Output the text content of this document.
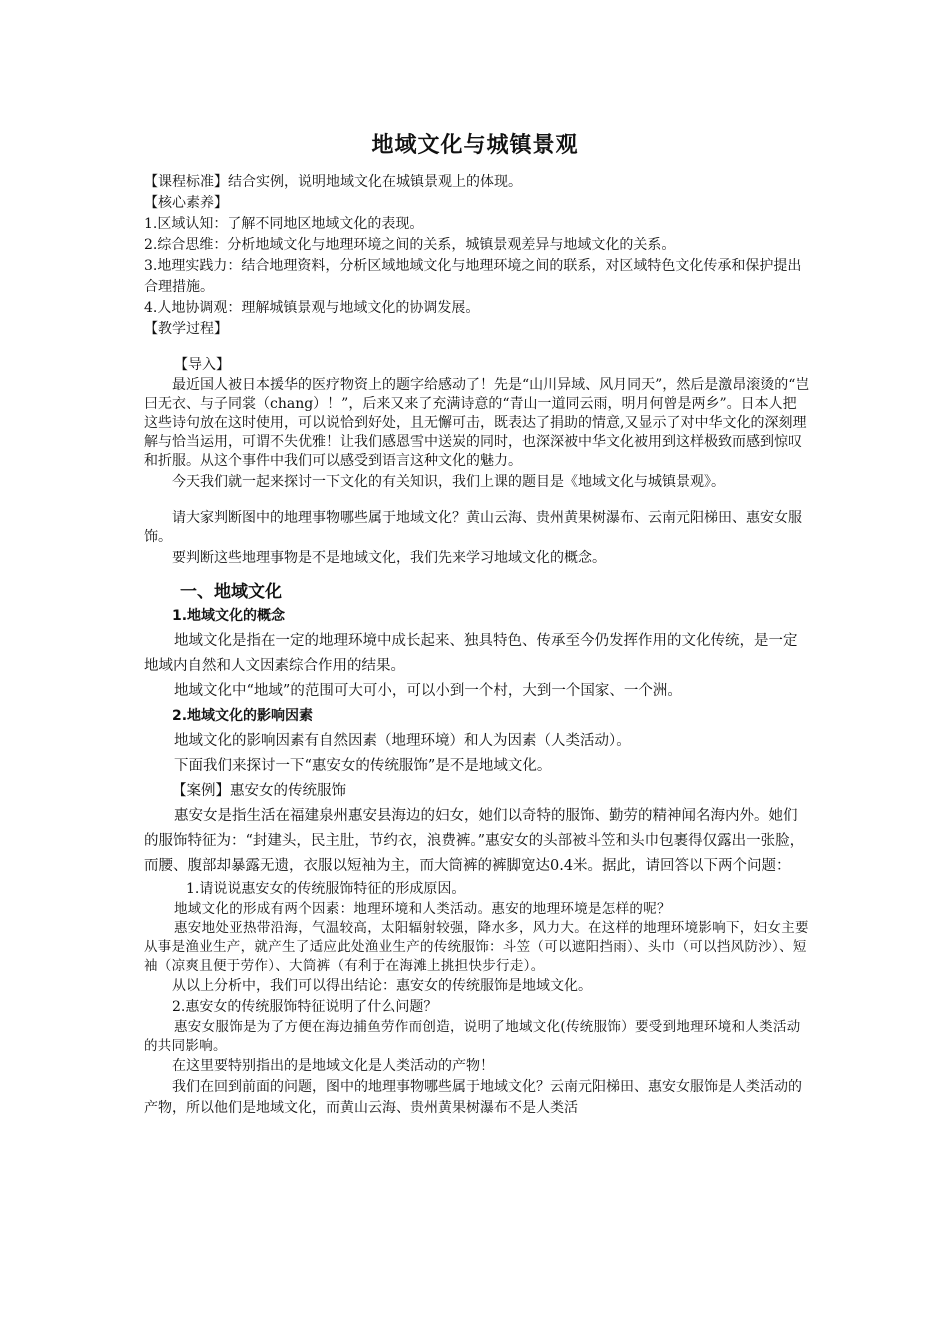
地域文化与城镇景观

【课程标准】结合实例，说明地域文化在城镇景观上的体现。

【核心素养】

1.区域认知：了解不同地区地域文化的表现。

2.综合思维：分析地域文化与地理环境之间的关系，城镇景观差异与地域文化的关系。

3.地理实践力：结合地理资料，分析区域地域文化与地理环境之间的联系，对区域特色文化传承和保护提出合理措施。

4.人地协调观：理解城镇景观与地域文化的协调发展。

【教学过程】

【导入】

最近国人被日本援华的医疗物资上的题字给感动了！先是“山川异域、风月同天”，然后是激昂滚烫的“岂曰无衣、与子同裳（chang）！”，后来又来了充满诗意的“青山一道同云雨，明月何曾是两乡”。日本人把这些诗句放在这时使用，可以说恰到好处，且无懈可击，既表达了捐助的情意,又显示了对中华文化的深刻理解与恰当运用，可谓不失优雅！让我们感恩雪中送炭的同时，也深深被中华文化被用到这样极致而感到惊叹和折服。从这个事件中我们可以感受到语言这种文化的魅力。

今天我们就一起来探讨一下文化的有关知识，我们上课的题目是《地域文化与城镇景观》。

请大家判断图中的地理事物哪些属于地域文化？黄山云海、贵州黄果树瀑布、云南元阳梯田、惠安女服饰。

要判断这些地理事物是不是地域文化，我们先来学习地域文化的概念。

一、地域文化

1.地域文化的概念

地域文化是指在一定的地理环境中成长起来、独具特色、传承至今仍发挥作用的文化传统，是一定地域内自然和人文因素综合作用的结果。

地域文化中“地域”的范围可大可小，可以小到一个村，大到一个国家、一个洲。

2.地域文化的影响因素

地域文化的影响因素有自然因素（地理环境）和人为因素（人类活动）。

下面我们来探讨一下“惠安女的传统服饰”是不是地域文化。

【案例】惠安女的传统服饰

惠安女是指生活在福建泉州惠安县海边的妇女，她们以奇特的服饰、勤劳的精神闻名海内外。她们的服饰特征为：“封建头，民主肚，节约衣，浪费裤。”惠安女的头部被斗笠和头巾包裹得仅露出一张脸，而腰、腹部却暴露无遗，衣服以短袖为主，而大筒裤的裤脚宽达0.4米。据此，请回答以下两个问题：

1.请说说惠安女的传统服饰特征的形成原因。

地域文化的形成有两个因素：地理环境和人类活动。惠安的地理环境是怎样的呢？

惠安地处亚热带沿海，气温较高，太阳辐射较强，降水多，风力大。在这样的地理环境影响下，妇女主要从事是渔业生产，就产生了适应此处渔业生产的传统服饰：斗笠（可以遮阳挡雨）、头巾（可以挡风防沙）、短袖（凉爽且便于劳作）、大筒裤（有利于在海滩上挑担快步行走）。

从以上分析中，我们可以得出结论：惠安女的传统服饰是地域文化。

2.惠安女的传统服饰特征说明了什么问题？

惠安女服饰是为了方便在海边捕鱼劳作而创造，说明了地域文化(传统服饰）要受到地理环境和人类活动的共同影响。

在这里要特别指出的是地域文化是人类活动的产物！

我们在回到前面的问题，图中的地理事物哪些属于地域文化？云南元阳梯田、惠安女服饰是人类活动的产物，所以他们是地域文化，而黄山云海、贵州黄果树瀑布不是人类活
